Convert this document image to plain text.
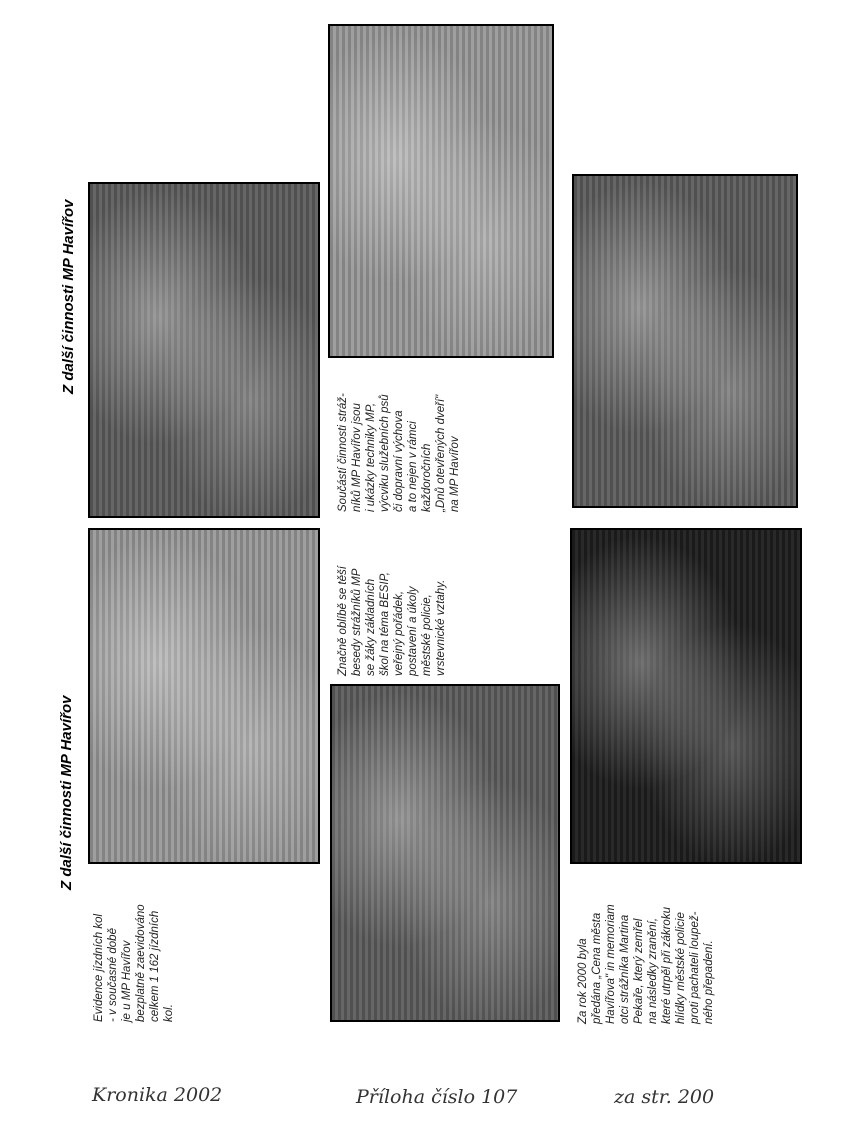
Z další činnosti MP Havířov
Z další činnosti MP Havířov
Evidence jízdních kol - v současné době je u MP Havířov bezplatně zaevidováno celkem 1 162 jízdních kol.
Značně oblíbě se těší besedy strážníků MP se žáky základních škol na téma BESIP, veřejný pořádek, postavení a úkoly městské policie, vrstevnické vztahy.
Za rok 2000 byla předána „Cena města Havířova" in memoriam otci strážníka Martina Pekaře, který zemřel na následky zranění, které utrpěl při zákroku hlídky městské policie proti pachateli loupež- ného přepadení.
Součástí činnosti stráž- níků MP Havířov jsou i ukázky techniky MP, výcviku služebních psů či dopravní výchova a to nejen v rámci každoročních „Dnů otevřených dveří" na MP Havířov
Kronika 2002	Příloha číslo 107	za str. 200
